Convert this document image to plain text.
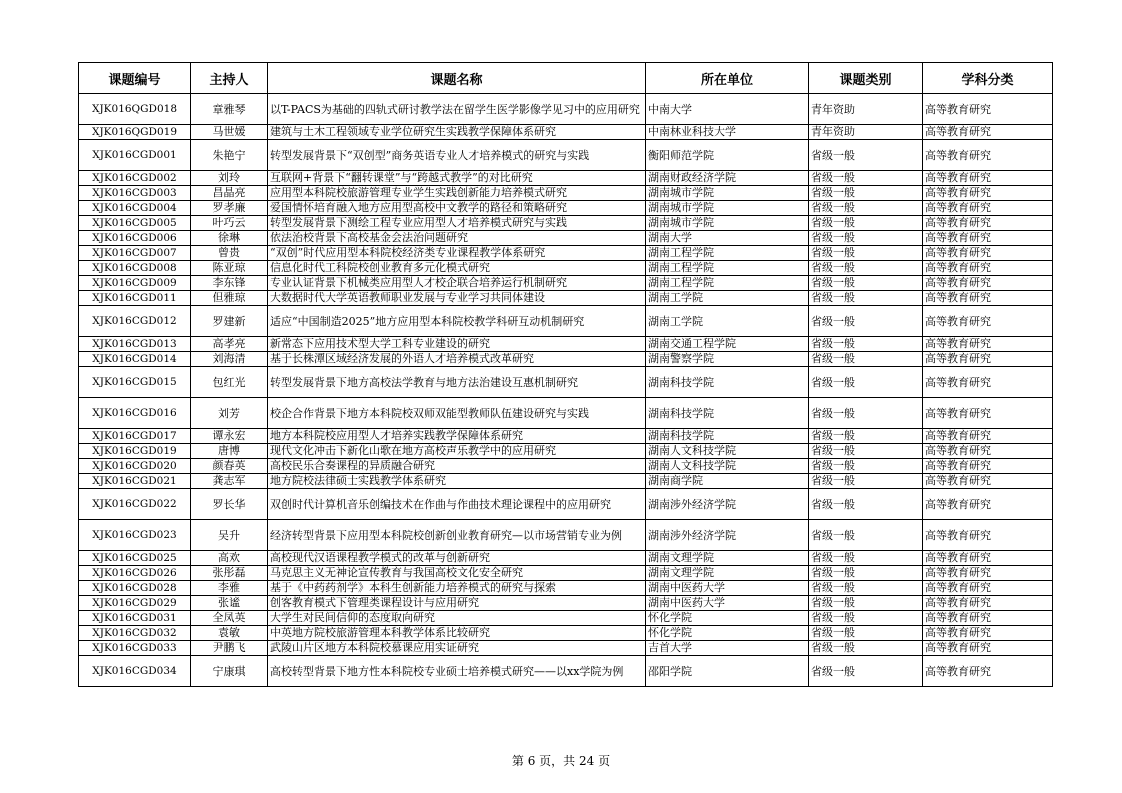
课题编号	主持人	课题名称	所在单位	课题类别	学科分类
XJK016QGD018	章雅琴	以T-PACS为基础的四轨式研讨教学法在留学生医学影像学见习中的应用研究	中南大学	青年资助	高等教育研究
XJK016QGD019	马世媛	建筑与土木工程领域专业学位研究生实践教学保障体系研究	中南林业科技大学	青年资助	高等教育研究
XJK016CGD001	朱艳宁	转型发展背景下“双创型”商务英语专业人才培养模式的研究与实践	衡阳师范学院	省级一般	高等教育研究
XJK016CGD002	刘玲	互联网+背景下“翻转课堂”与“跨越式教学”的对比研究	湖南财政经济学院	省级一般	高等教育研究
XJK016CGD003	昌晶亮	应用型本科院校旅游管理专业学生实践创新能力培养模式研究	湖南城市学院	省级一般	高等教育研究
XJK016CGD004	罗孝廉	爱国情怀培育融入地方应用型高校中文教学的路径和策略研究	湖南城市学院	省级一般	高等教育研究
XJK016CGD005	叶巧云	转型发展背景下测绘工程专业应用型人才培养模式研究与实践	湖南城市学院	省级一般	高等教育研究
XJK016CGD006	徐琳	依法治校背景下高校基金会法治问题研究	湖南大学	省级一般	高等教育研究
XJK016CGD007	曾贵	“双创”时代应用型本科院校经济类专业课程教学体系研究	湖南工程学院	省级一般	高等教育研究
XJK016CGD008	陈亚琼	信息化时代工科院校创业教育多元化模式研究	湖南工程学院	省级一般	高等教育研究
XJK016CGD009	李东锋	专业认证背景下机械类应用型人才校企联合培养运行机制研究	湖南工程学院	省级一般	高等教育研究
XJK016CGD011	但雅琼	大数据时代大学英语教师职业发展与专业学习共同体建设	湖南工学院	省级一般	高等教育研究
XJK016CGD012	罗建新	适应“中国制造2025”地方应用型本科院校教学科研互动机制研究	湖南工学院	省级一般	高等教育研究
XJK016CGD013	高孝亮	新常态下应用技术型大学工科专业建设的研究	湖南交通工程学院	省级一般	高等教育研究
XJK016CGD014	刘海清	基于长株潭区域经济发展的外语人才培养模式改革研究	湖南警察学院	省级一般	高等教育研究
XJK016CGD015	包红光	转型发展背景下地方高校法学教育与地方法治建设互惠机制研究	湖南科技学院	省级一般	高等教育研究
XJK016CGD016	刘芳	校企合作背景下地方本科院校双师双能型教师队伍建设研究与实践	湖南科技学院	省级一般	高等教育研究
XJK016CGD017	谭永宏	地方本科院校应用型人才培养实践教学保障体系研究	湖南科技学院	省级一般	高等教育研究
XJK016CGD019	唐博	现代文化冲击下新化山歌在地方高校声乐教学中的应用研究	湖南人文科技学院	省级一般	高等教育研究
XJK016CGD020	颜春英	高校民乐合奏课程的异质融合研究	湖南人文科技学院	省级一般	高等教育研究
XJK016CGD021	龚志军	地方院校法律硕士实践教学体系研究	湖南商学院	省级一般	高等教育研究
XJK016CGD022	罗长华	双创时代计算机音乐创编技术在作曲与作曲技术理论课程中的应用研究	湖南涉外经济学院	省级一般	高等教育研究
XJK016CGD023	吴升	经济转型背景下应用型本科院校创新创业教育研究—以市场营销专业为例	湖南涉外经济学院	省级一般	高等教育研究
XJK016CGD025	高欢	高校现代汉语课程教学模式的改革与创新研究	湖南文理学院	省级一般	高等教育研究
XJK016CGD026	张彤磊	马克思主义无神论宣传教育与我国高校文化安全研究	湖南文理学院	省级一般	高等教育研究
XJK016CGD028	李雅	基于《中药药剂学》本科生创新能力培养模式的研究与探索	湖南中医药大学	省级一般	高等教育研究
XJK016CGD029	张谧	创客教育模式下管理类课程设计与应用研究	湖南中医药大学	省级一般	高等教育研究
XJK016CGD031	全凤英	大学生对民间信仰的态度取向研究	怀化学院	省级一般	高等教育研究
XJK016CGD032	袁敏	中英地方院校旅游管理本科教学体系比较研究	怀化学院	省级一般	高等教育研究
XJK016CGD033	尹鹏飞	武陵山片区地方本科院校慕课应用实证研究	吉首大学	省级一般	高等教育研究
XJK016CGD034	宁康琪	高校转型背景下地方性本科院校专业硕士培养模式研究——以xx学院为例	邵阳学院	省级一般	高等教育研究
第 6 页，共 24 页
